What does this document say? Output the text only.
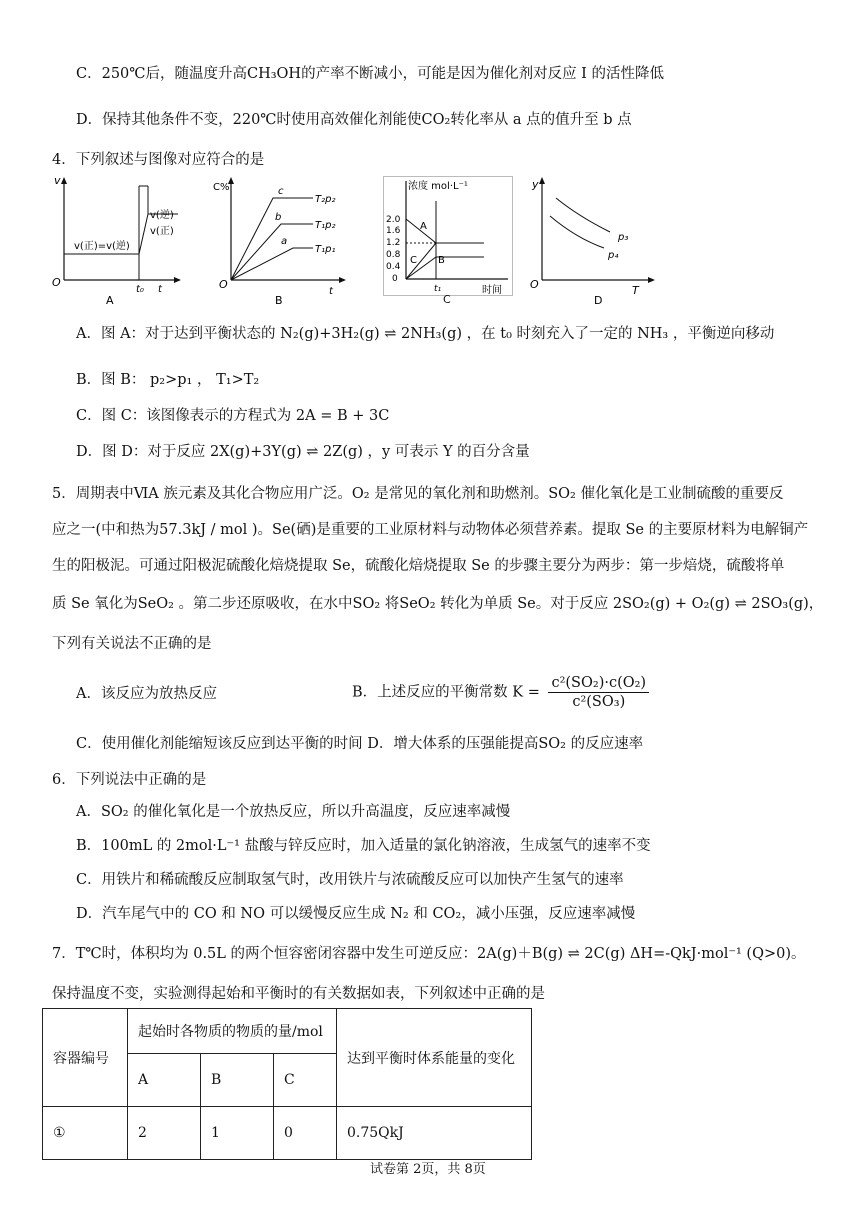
C．250℃后，随温度升高CH₃OH的产率不断减小，可能是因为催化剂对反应 I 的活性降低
D．保持其他条件不变，220℃时使用高效催化剂能使CO₂转化率从 a 点的值升至 b 点
4．下列叙述与图像对应符合的是
v
O
t₀ t
v(正)=v(逆)
v(逆)
v(正)
A
C%
O
t
c
b
a
T₂p₂
T₁p₂
T₁p₁
B
浓度 mol·L⁻¹
2.0
1.6
1.2
0.8
0.4
0
t₁	时间
A
B
C
C
y
O	T
p₃
p₄
D
A．图 A：对于达到平衡状态的 N₂(g)+3H₂(g) ⇌ 2NH₃(g) ，在 t₀ 时刻充入了一定的 NH₃ ，平衡逆向移动
B．图 B： p₂>p₁ ， T₁>T₂
C．图 C：该图像表示的方程式为 2A = B + 3C
D．图 D：对于反应 2X(g)+3Y(g) ⇌ 2Z(g) ，y 可表示 Y 的百分含量
5．周期表中ⅥA 族元素及其化合物应用广泛。O₂ 是常见的氧化剂和助燃剂。SO₂ 催化氧化是工业制硫酸的重要反
应之一(中和热为57.3kJ / mol )。Se(硒)是重要的工业原材料与动物体必须营养素。提取 Se 的主要原材料为电解铜产
生的阳极泥。可通过阳极泥硫酸化焙烧提取 Se，硫酸化焙烧提取 Se 的步骤主要分为两步：第一步焙烧，硫酸将单
质 Se 氧化为SeO₂ 。第二步还原吸收，在水中SO₂ 将SeO₂ 转化为单质 Se。对于反应 2SO₂(g) + O₂(g) ⇌ 2SO₃(g)，
下列有关说法不正确的是
A．该反应为放热反应	B．上述反应的平衡常数 $K = \frac{\text{c²(SO₂)·c(O₂)}}{\text{c²(SO₃)}}$
C．使用催化剂能缩短该反应到达平衡的时间 D．增大体系的压强能提高SO₂ 的反应速率
6．下列说法中正确的是
A．SO₂ 的催化氧化是一个放热反应，所以升高温度，反应速率减慢
B．100mL 的 2mol·L⁻¹ 盐酸与锌反应时，加入适量的氯化钠溶液，生成氢气的速率不变
C．用铁片和稀硫酸反应制取氢气时，改用铁片与浓硫酸反应可以加快产生氢气的速率
D．汽车尾气中的 CO 和 NO 可以缓慢反应生成 N₂ 和 CO₂，减小压强，反应速率减慢
7．T℃时，体积均为 0.5L 的两个恒容密闭容器中发生可逆反应：2A(g)＋B(g) ⇌ 2C(g) ΔH=-QkJ·mol⁻¹ (Q>0)。
保持温度不变，实验测得起始和平衡时的有关数据如表，下列叙述中正确的是
容器编号	起始时各物质的物质的量/mol			达到平衡时体系能量的变化
	A	B	C	
①	2	1	0	0.75QkJ
试卷第 2页，共 8页
